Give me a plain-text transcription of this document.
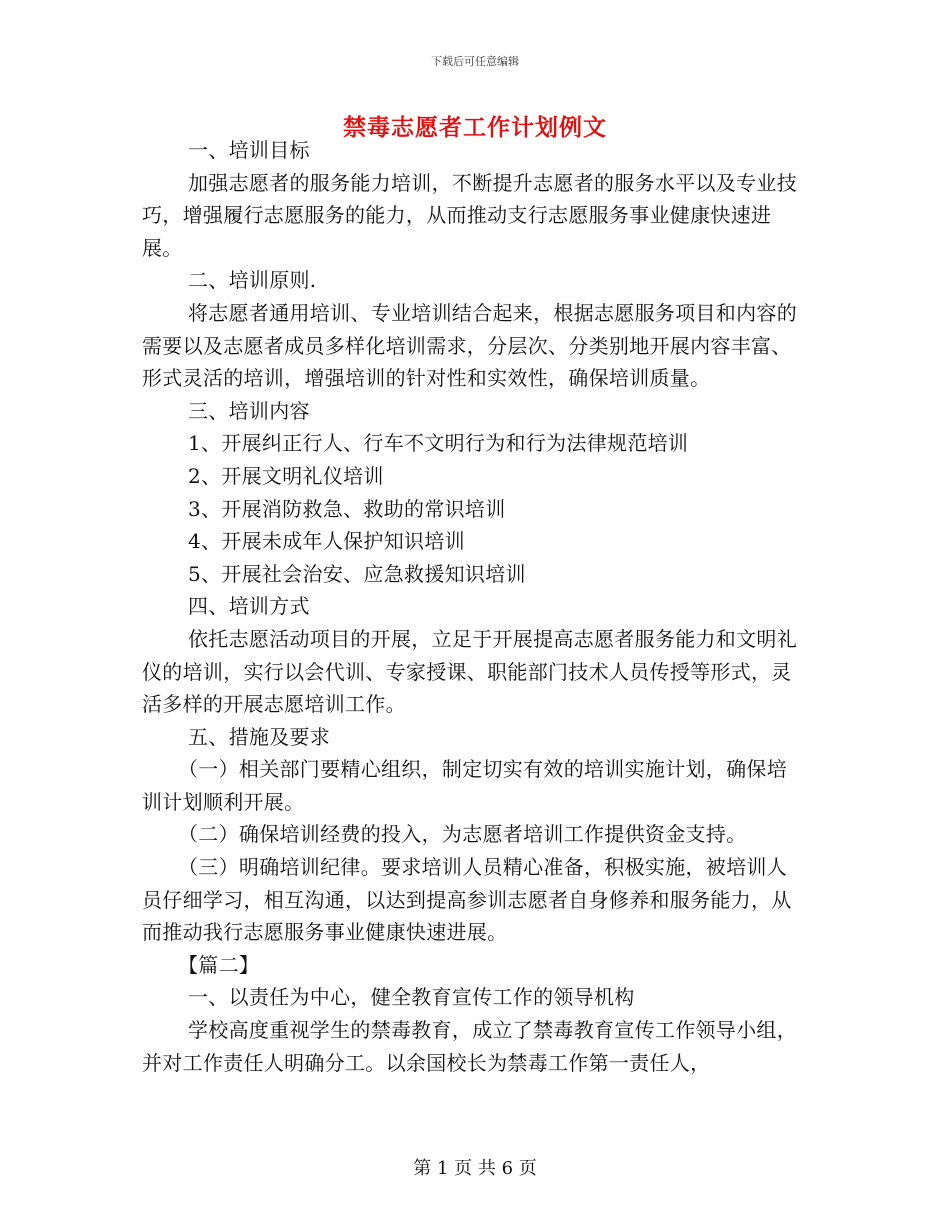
下载后可任意编辑
禁毒志愿者工作计划例文

一、培训目标

加强志愿者的服务能力培训，不断提升志愿者的服务水平以及专业技巧，增强履行志愿服务的能力，从而推动支行志愿服务事业健康快速进展。

二、培训原则.

将志愿者通用培训、专业培训结合起来，根据志愿服务项目和内容的需要以及志愿者成员多样化培训需求，分层次、分类别地开展内容丰富、形式灵活的培训，增强培训的针对性和实效性，确保培训质量。

三、培训内容

1、开展纠正行人、行车不文明行为和行为法律规范培训

2、开展文明礼仪培训

3、开展消防救急、救助的常识培训

4、开展未成年人保护知识培训

5、开展社会治安、应急救援知识培训

四、培训方式

依托志愿活动项目的开展，立足于开展提高志愿者服务能力和文明礼仪的培训，实行以会代训、专家授课、职能部门技术人员传授等形式，灵活多样的开展志愿培训工作。

五、措施及要求

（一）相关部门要精心组织，制定切实有效的培训实施计划，确保培训计划顺利开展。

（二）确保培训经费的投入，为志愿者培训工作提供资金支持。

（三）明确培训纪律。要求培训人员精心准备，积极实施，被培训人员仔细学习，相互沟通，以达到提高参训志愿者自身修养和服务能力，从而推动我行志愿服务事业健康快速进展。

【篇二】

一、以责任为中心，健全教育宣传工作的领导机构

学校高度重视学生的禁毒教育，成立了禁毒教育宣传工作领导小组，并对工作责任人明确分工。以余国校长为禁毒工作第一责任人，

第 1 页 共 6 页
